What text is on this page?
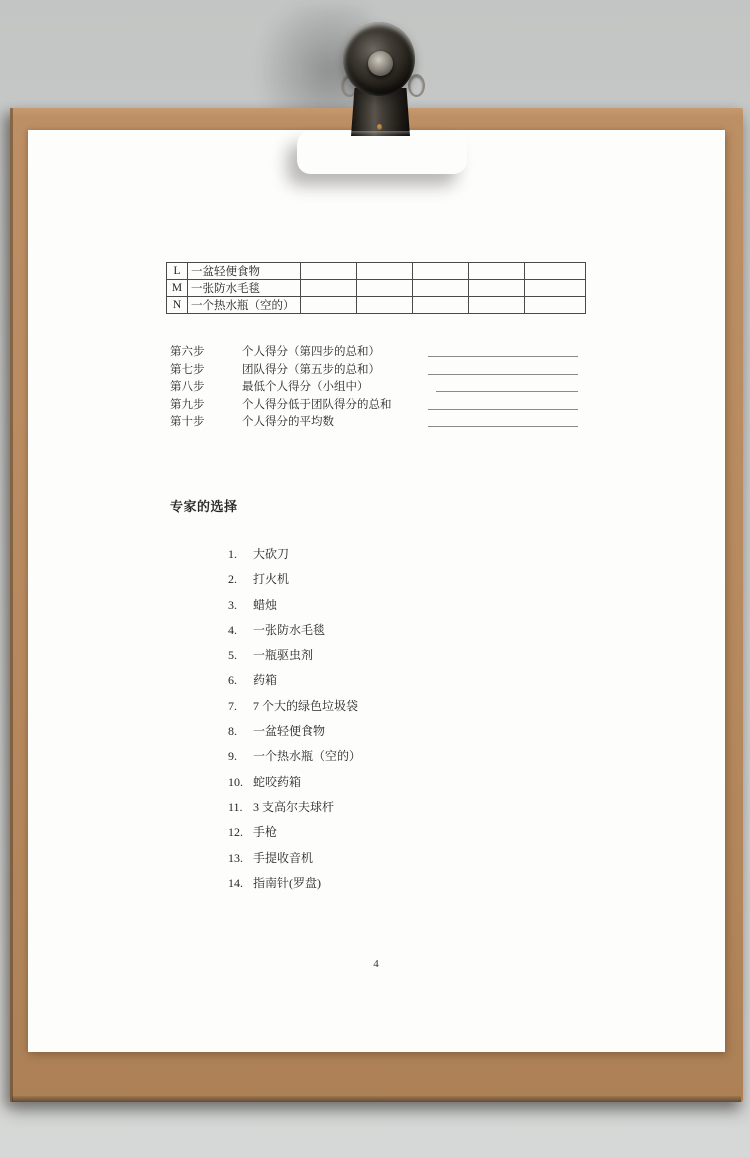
L	一盆轻便食物					
M	一张防水毛毯					
N	一个热水瓶（空的）					
第六步	个人得分（第四步的总和）
第七步	团队得分（第五步的总和）
第八步	最低个人得分（小组中）
第九步	个人得分低于团队得分的总和
第十步	个人得分的平均数
专家的选择
1. 大砍刀
2. 打火机
3. 蜡烛
4. 一张防水毛毯
5. 一瓶驱虫剂
6. 药箱
7. 7 个大的绿色垃圾袋
8. 一盆轻便食物
9. 一个热水瓶（空的）
10. 蛇咬药箱
11. 3 支高尔夫球杆
12. 手枪
13. 手提收音机
14. 指南针(罗盘)
4
